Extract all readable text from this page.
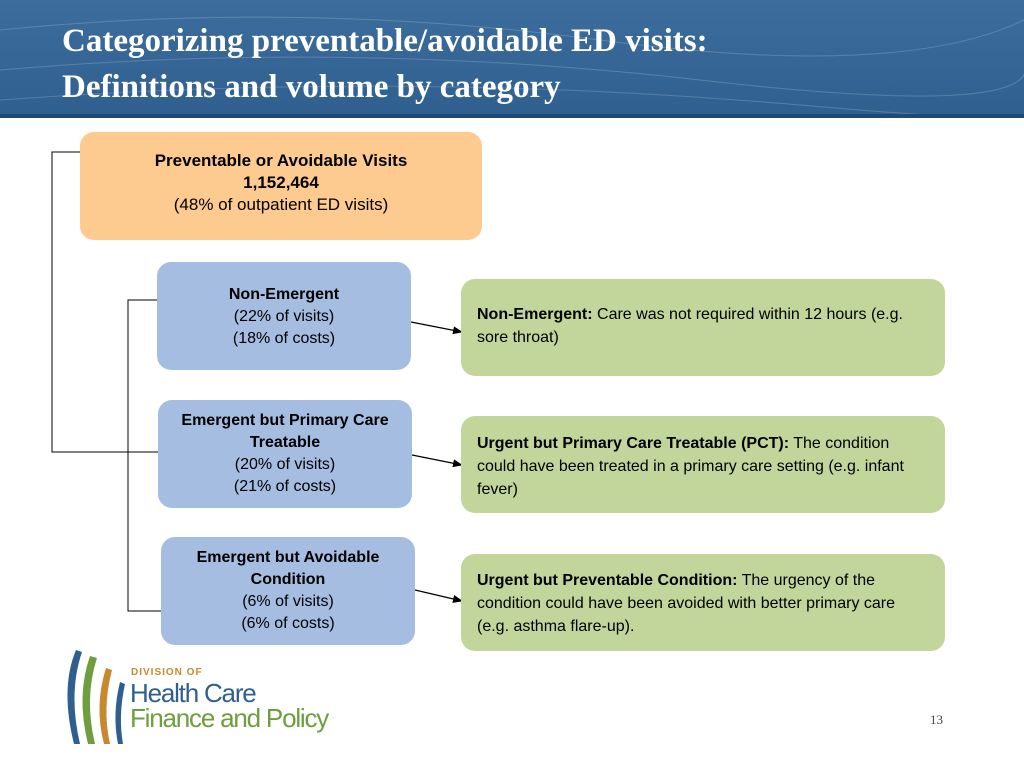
Categorizing preventable/avoidable ED visits:
Definitions and volume by category
Preventable or Avoidable Visits
1,152,464
(48% of outpatient ED visits)
Non-Emergent
(22% of visits)
(18% of costs)
Emergent but Primary Care Treatable
(20% of visits)
(21% of costs)
Emergent but Avoidable Condition
(6% of visits)
(6% of costs)
Non-Emergent: Care was not required within 12 hours (e.g. sore throat)
Urgent but Primary Care Treatable (PCT): The condition could have been treated in a primary care setting (e.g. infant fever)
Urgent but Preventable Condition: The urgency of the condition could have been avoided with better primary care (e.g. asthma flare-up).
DIVISION OF
Health Care
Finance and Policy	13
